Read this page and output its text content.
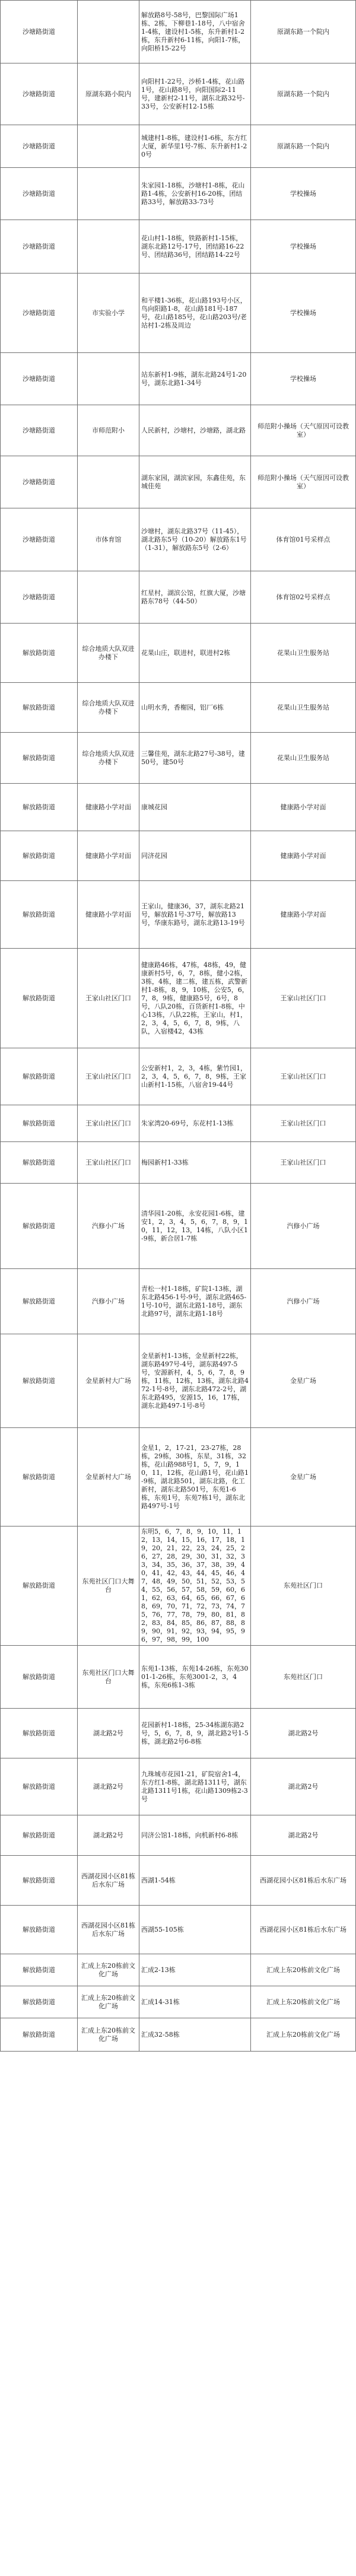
沙塘路街道		解放路8号-58号，巴黎国际广场1栋、2栋，下柳巷1-18号，八中宿舍1-4栋，建设村1-5栋，东升新村1-2栋，东升新村6-11栋，向阳1-7栋，向阳桥15-22号	原湖东路一个院内
沙塘路街道	原湖东路小院内	向阳村1-22号，沙桥1-4栋，花山路1号，花山路8号，向阳国际2-11号，建新村2-11号，湖东北路32号-33号，公安新村12-15栋	原湖东路一个院内
沙塘路街道		城建村1-8栋，建设村1-6栋，东方红大厦，新华里1号-7栋、东升新村1-20号	原湖东路一个院内
沙塘路街道		朱家园1-18栋，沙塘村1-8栋，花山路1-4栋，公安新村16-20栋，团结路33号，解放路33-73号	学校操场
沙塘路街道		花山村1-18栋，铁路新村1-15栋，湖东北路12号-17号，团结路16-22号、团结路36号，团结路14-22号	学校操场
沙塘路街道	市实验小学	和平楼1-36栋，花山路193号小区，鸟向阳路1-8，花山路181号-187号，花山路185号，花山路203号/老站村1-2栋及周边	学校操场
沙塘路街道		站东新村1-9栋，湖东北路24号1-20号，湖东北路1-34号	学校操场
沙塘路街道	市师范附小	人民新村，沙塘村，沙塘路，湖北路	师范附小操场（天气原因可设教室）
沙塘路街道		湖东家园，湖滨家园，东鑫佳苑，东城佳苑	师范附小操场（天气原因可设教室）
沙塘路街道	市体育馆	沙塘村，湖东北路37号（11-45），湖北路东5号（10-20）解放路东1号（1-31），解放路东5号（2-6）	体育馆01号采样点
沙塘路街道		红星村，湖滨公馆，红旗大厦，沙塘路东78号（44-50）	体育馆02号采样点
解放路街道	综合地质大队双进办楼下	花果山庄，联进村，联进村2栋	花果山卫生服务站
解放路街道	综合地质大队双进办楼下	山明水秀，香榭园，铝厂6栋	花果山卫生服务站
解放路街道	综合地质大队双进办楼下	三馨佳苑，湖东北路27号-38号，建50号，建50号	花果山卫生服务站
解放路街道	健康路小学对面	康城花园	健康路小学对面
解放路街道	健康路小学对面	同济花园	健康路小学对面
解放路街道	健康路小学对面	王家山，健康36，37，湖东北路21号，解放路1号-37号，解放路13号，华康东路号，湖东北路13-19号	健康路小学对面
解放路街道	王家山社区门口	健康路46栋，47栋，48栋，49，健康新村5号，6，7，8栋，健小2栋，3栋，4栋，建二栋，建五栋，武警新村1-8栋，8，9，10栋，公安5，6，7，8，9栋，健康路5号，6号，8号，八队20栋，百货新村1-8栋，中心13栋，八队22栋，王家山，村1，2，3，4，5，6，7，8，9栋，八队，入宿楼42，43栋	王家山社区门口
解放路街道	王家山社区门口	公安新村1，2，3，4栋，紫竹园1，2，3，4，5，6，7，8，9栋，王家山新村1-15栋，八宿舍19-44号	王家山社区门口
解放路街道	王家山社区门口	朱家湾20-69号，东花村1-13栋	王家山社区门口
解放路街道	王家山社区门口	梅园新村1-33栋	王家山社区门口
解放路街道	汽修小广场	清华园1-20栋，永安花园1-6栋，建安1，2，3，4，5，6，7，8，9，10，11，12，13，14栋，八队小区1-9栋，新合居1-7栋	汽修小广场
解放路街道	汽修小广场	青松一村1-18栋，矿院1-13栋，湖东北路456-1号-9号，湖东北路465-1号-10号，湖东北路1-18号，湖东北路97号，湖东北路1-18号	汽修小广场
解放路街道	金星新村大广场	金星新村1-13栋，金星新村22栋，湖东路497号-4号，湖东路497-5号，安源新村，4，5，6，7，8，9栋，11栋，12栋，13栋，湖东北路472-1号-8号，湖东北路472-2号，湖东北路495，安源15，16，17栋，湖东北路497-1号-8号	金星广场
解放路街道	金星新村大广场	金星1，2，17-21，23-27栋，28栋，29栋，30栋，东星，31栋，32栋，花山路988号1，5，7，9，10，11，12栋，花山路1号，花山路1-9栋，湖北路501，湖东北路，化工新村，湖东北路501号，东苑1-6栋，东苑1号，东苑7栋1号，湖东北路497号-1号	金星广场
解放路街道	东苑社区门口大舞台	东明5，6，7，8，9，10，11，12，13，14，15，16，17，18，19，20，21，22，23，24，25，26，27，28，29，30，31，32，33，34，35，36，37，38，39，40，41，42，43，44，45，46，47，48，49，50，51，52，53，54，55，56，57，58，59，60，61，62，63，64，65，66，67，68，69，70，71，72，73，74，75，76，77，78，79，80，81，82，83，84，85，86，87，88，89，90，91，92，93，94，95，96，97，98，99，100	东苑社区门口
解放路街道	东苑社区门口大舞台	东苑1-13栋，东苑14-26栋，东苑3001-1-26栋，东苑3001-2，3，4栋，东苑6栋1-3栋	东苑社区门口
解放路街道	湖北路2号	花园新村1-18栋，25-34栋湖东路2号，5，6，7，8，9，湖北路2号1-5栋，湖北路2号6-8栋	湖北路2号
解放路街道	湖北路2号	九珠城市花园1-21，矿院宿舍1-4，东方红1-8栋，湖北路1311号，湖东北路1311号1栋，花山路1309栋2-3号	湖北路2号
解放路街道	湖北路2号	同济公馆1-18栋，向机新村6-8栋	湖北路2号
解放路街道	西湖花园小区81栋后水东广场	西湖1-54栋	西湖花园小区81栋后水东广场
解放路街道	西湖花园小区81栋后水东广场	西湖55-105栋	西湖花园小区81栋后水东广场
解放路街道	汇成上东20栋前文化广场	汇成2-13栋	汇成上东20栋前文化广场
解放路街道	汇成上东20栋前文化广场	汇成14-31栋	汇成上东20栋前文化广场
解放路街道	汇成上东20栋前文化广场	汇成32-58栋	汇成上东20栋前文化广场
